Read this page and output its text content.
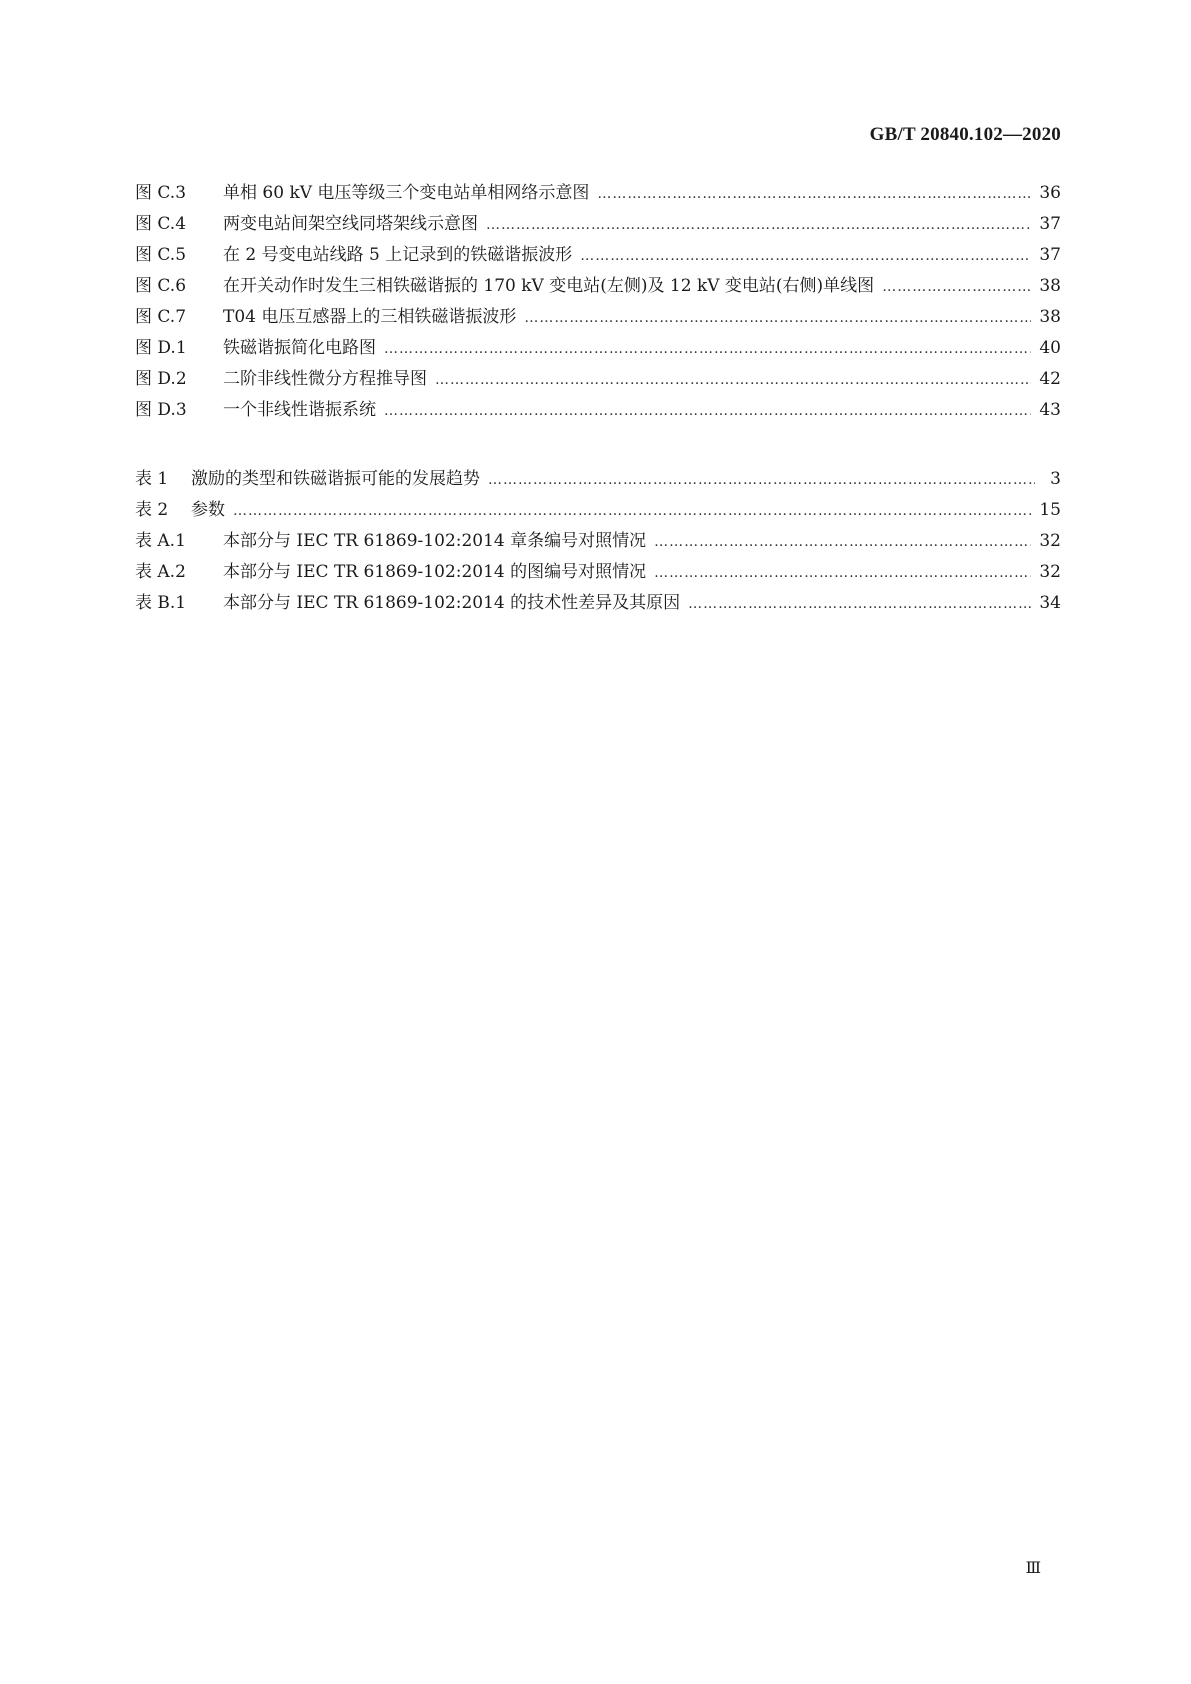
GB/T 20840.102—2020
图 C.3	单相 60 kV 电压等级三个变电站单相网络示意图 …………………………………………………………………………………………………………………………………………………………………………………………	36
图 C.4	两变电站间架空线同塔架线示意图 …………………………………………………………………………………………………………………………………………………………………………………………	37
图 C.5	在 2 号变电站线路 5 上记录到的铁磁谐振波形 …………………………………………………………………………………………………………………………………………………………………………………………	37
图 C.6	在开关动作时发生三相铁磁谐振的 170 kV 变电站(左侧)及 12 kV 变电站(右侧)单线图 …………………………………………………………………………………………………………………………………………………………………………………………	38
图 C.7	T04 电压互感器上的三相铁磁谐振波形 …………………………………………………………………………………………………………………………………………………………………………………………	38
图 D.1	铁磁谐振简化电路图 …………………………………………………………………………………………………………………………………………………………………………………………	40
图 D.2	二阶非线性微分方程推导图 …………………………………………………………………………………………………………………………………………………………………………………………	42
图 D.3	一个非线性谐振系统 …………………………………………………………………………………………………………………………………………………………………………………………	43
表 1	激励的类型和铁磁谐振可能的发展趋势 …………………………………………………………………………………………………………………………………………………………………………………………	3
表 2	参数 …………………………………………………………………………………………………………………………………………………………………………………………	15
表 A.1	本部分与 IEC TR 61869-102:2014 章条编号对照情况 …………………………………………………………………………………………………………………………………………………………………………………………	32
表 A.2	本部分与 IEC TR 61869-102:2014 的图编号对照情况 …………………………………………………………………………………………………………………………………………………………………………………………	32
表 B.1	本部分与 IEC TR 61869-102:2014 的技术性差异及其原因 …………………………………………………………………………………………………………………………………………………………………………………………	34
Ⅲ
